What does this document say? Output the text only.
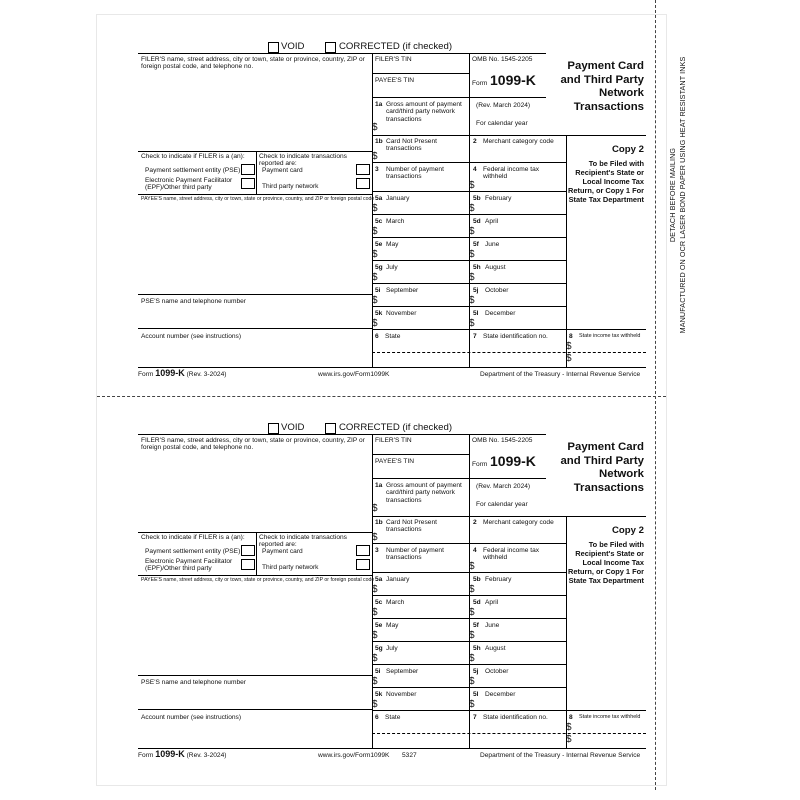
DETACH BEFORE MAILING MANUFACTURED ON OCR LASER BOND PAPER USING HEAT RESISTANT INKS
VOID	CORRECTED (if checked)
FILER'S name, street address, city or town, state or province, country, ZIP or foreign postal code, and telephone no.
Check to indicate if FILER is a (an):
Payment settlement entity (PSE)
Electronic Payment Facilitator (EPF)/Other third party
Check to indicate transactions reported are:
Payment card
Third party network
PAYEE'S name, street address, city or town, state or province, country, and ZIP or foreign postal code
PSE'S name and telephone number
Account number (see instructions)
FILER'S TIN
PAYEE'S TIN
1a Gross amount of payment card/third party network transactions
$
OMB No. 1545-2205
Form 1099-K
(Rev. March 2024)
For calendar year
Payment Card and Third Party Network Transactions
Copy 2
To be Filed with Recipient's State or Local Income Tax Return, or Copy 1 For State Tax Department
1b Card Not Present transactions
$
2 Merchant category code
3 Number of payment transactions
4 Federal income tax withheld
$
5a January
$
5b February
$
5c March
$
5d April
$
5e May
$
5f June
$
5g July
$
5h August
$
5i September
$
5j October
$
5k November
$
5l December
$
6 State	7 State identification no.	8 State income tax withheld
$
$
Form 1099-K (Rev. 3-2024)	www.irs.gov/Form1099K	Department of the Treasury - Internal Revenue Service
VOID	CORRECTED (if checked)
FILER'S name, street address, city or town, state or province, country, ZIP or foreign postal code, and telephone no.
Check to indicate if FILER is a (an):
Payment settlement entity (PSE)
Electronic Payment Facilitator (EPF)/Other third party
Check to indicate transactions reported are:
Payment card
Third party network
PAYEE'S name, street address, city or town, state or province, country, and ZIP or foreign postal code
PSE'S name and telephone number
Account number (see instructions)
FILER'S TIN
PAYEE'S TIN
1a Gross amount of payment card/third party network transactions
$
OMB No. 1545-2205
Form 1099-K
(Rev. March 2024)
For calendar year
Payment Card and Third Party Network Transactions
Copy 2
To be Filed with Recipient's State or Local Income Tax Return, or Copy 1 For State Tax Department
1b Card Not Present transactions
$
2 Merchant category code
3 Number of payment transactions
4 Federal income tax withheld
$
5a January
$
5b February
$
5c March
$
5d April
$
5e May
$
5f June
$
5g July
$
5h August
$
5i September
$
5j October
$
5k November
$
5l December
$
6 State	7 State identification no.	8 State income tax withheld
$
$
Form 1099-K (Rev. 3-2024)	www.irs.gov/Form1099K 5327	Department of the Treasury - Internal Revenue Service
